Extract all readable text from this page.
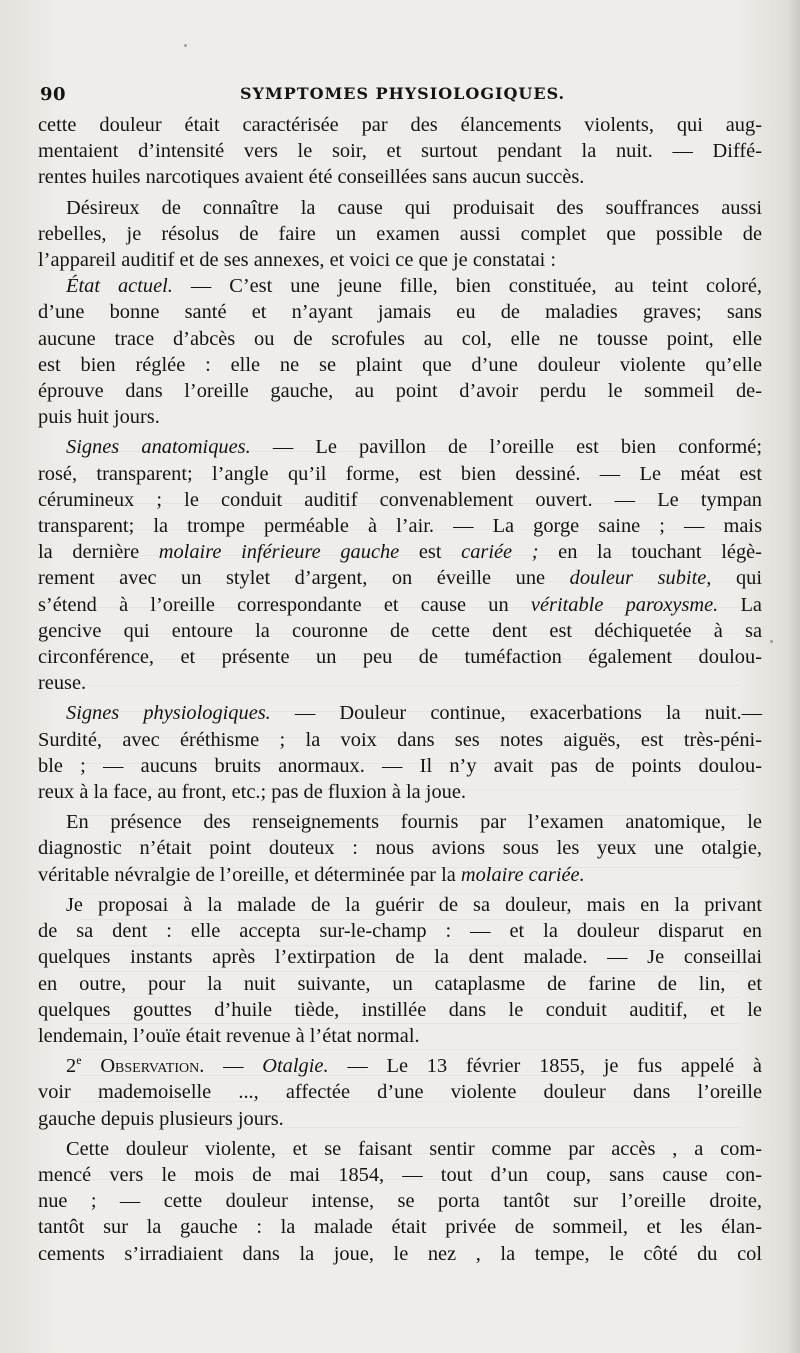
90	SYMPTOMES PHYSIOLOGIQUES.

cette douleur était caractérisée par des élancements violents, qui aug-

mentaient d’intensité vers le soir, et surtout pendant la nuit. — Diffé-

rentes huiles narcotiques avaient été conseillées sans aucun succès.

Désireux de connaître la cause qui produisait des souffrances aussi

rebelles, je résolus de faire un examen aussi complet que possible de

l’appareil auditif et de ses annexes, et voici ce que je constatai :

État actuel. — C’est une jeune fille, bien constituée, au teint coloré,

d’une bonne santé et n’ayant jamais eu de maladies graves; sans

aucune trace d’abcès ou de scrofules au col, elle ne tousse point, elle

est bien réglée : elle ne se plaint que d’une douleur violente qu’elle

éprouve dans l’oreille gauche, au point d’avoir perdu le sommeil de-

puis huit jours.

Signes anatomiques. — Le pavillon de l’oreille est bien conformé;

rosé, transparent; l’angle qu’il forme, est bien dessiné. — Le méat est

cérumineux ; le conduit auditif convenablement ouvert. — Le tympan

transparent; la trompe perméable à l’air. — La gorge saine ; — mais

la dernière molaire inférieure gauche est cariée ; en la touchant légè-

rement avec un stylet d’argent, on éveille une douleur subite, qui

s’étend à l’oreille correspondante et cause un véritable paroxysme. La

gencive qui entoure la couronne de cette dent est déchiquetée à sa

circonférence, et présente un peu de tuméfaction également doulou-

reuse.

Signes physiologiques. — Douleur continue, exacerbations la nuit.—

Surdité, avec éréthisme ; la voix dans ses notes aiguës, est très-péni-

ble ; — aucuns bruits anormaux. — Il n’y avait pas de points doulou-

reux à la face, au front, etc.; pas de fluxion à la joue.

En présence des renseignements fournis par l’examen anatomique, le

diagnostic n’était point douteux : nous avions sous les yeux une otalgie,

véritable névralgie de l’oreille, et déterminée par la molaire cariée.

Je proposai à la malade de la guérir de sa douleur, mais en la privant

de sa dent : elle accepta sur-le-champ : — et la douleur disparut en

quelques instants après l’extirpation de la dent malade. — Je conseillai

en outre, pour la nuit suivante, un cataplasme de farine de lin, et

quelques gouttes d’huile tiède, instillée dans le conduit auditif, et le

lendemain, l’ouïe était revenue à l’état normal.

2e Observation. — Otalgie. — Le 13 février 1855, je fus appelé à

voir mademoiselle ..., affectée d’une violente douleur dans l’oreille

gauche depuis plusieurs jours.

Cette douleur violente, et se faisant sentir comme par accès , a com-

mencé vers le mois de mai 1854, — tout d’un coup, sans cause con-

nue ; — cette douleur intense, se porta tantôt sur l’oreille droite,

tantôt sur la gauche : la malade était privée de sommeil, et les élan-

cements s’irradiaient dans la joue, le nez , la tempe, le côté du col
